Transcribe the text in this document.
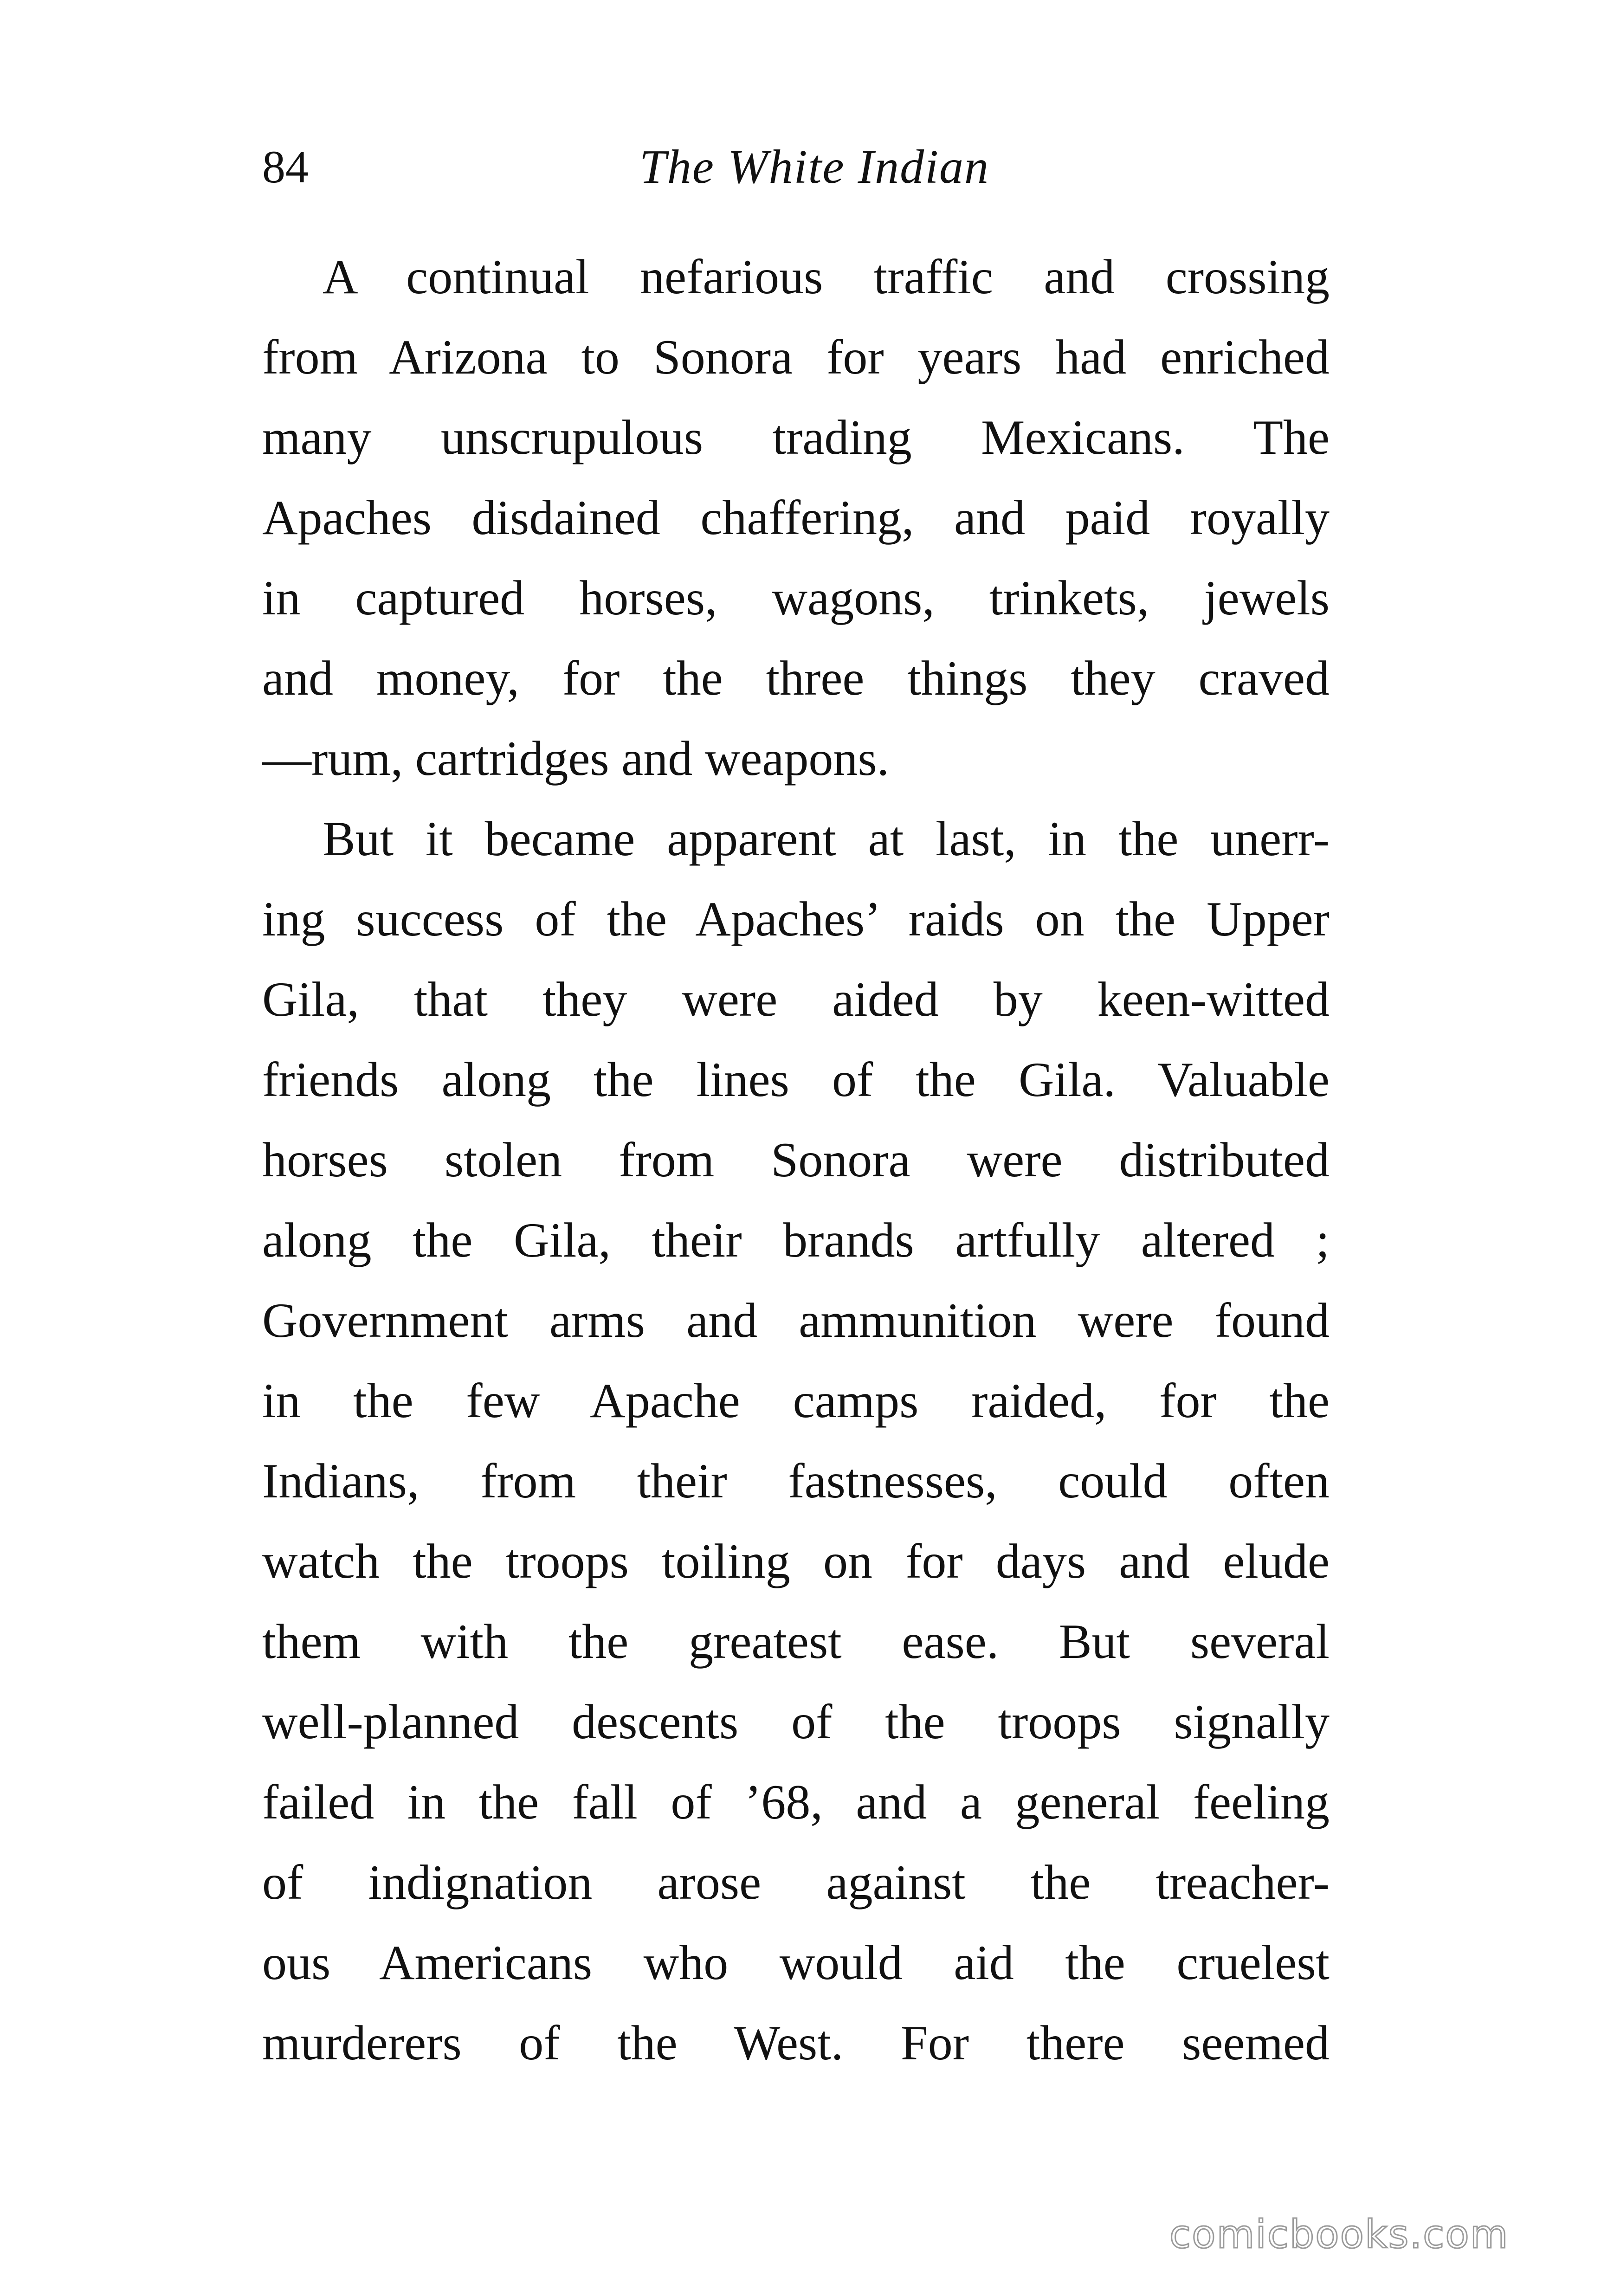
84	The White Indian

A continual nefarious traffic and crossing
from Arizona to Sonora for years had enriched
many unscrupulous trading Mexicans. The
Apaches disdained chaffering, and paid royally
in captured horses, wagons, trinkets, jewels
and money, for the three things they craved
—rum, cartridges and weapons.

But it became apparent at last, in the unerr-
ing success of the Apaches’ raids on the Upper
Gila, that they were aided by keen-witted
friends along the lines of the Gila. Valuable
horses stolen from Sonora were distributed
along the Gila, their brands artfully altered ;
Government arms and ammunition were found
in the few Apache camps raided, for the
Indians, from their fastnesses, could often
watch the troops toiling on for days and elude
them with the greatest ease. But several
well-planned descents of the troops signally
failed in the fall of ’68, and a general feeling
of indignation arose against the treacher-
ous Americans who would aid the cruelest
murderers of the West. For there seemed

comicbooks.com
